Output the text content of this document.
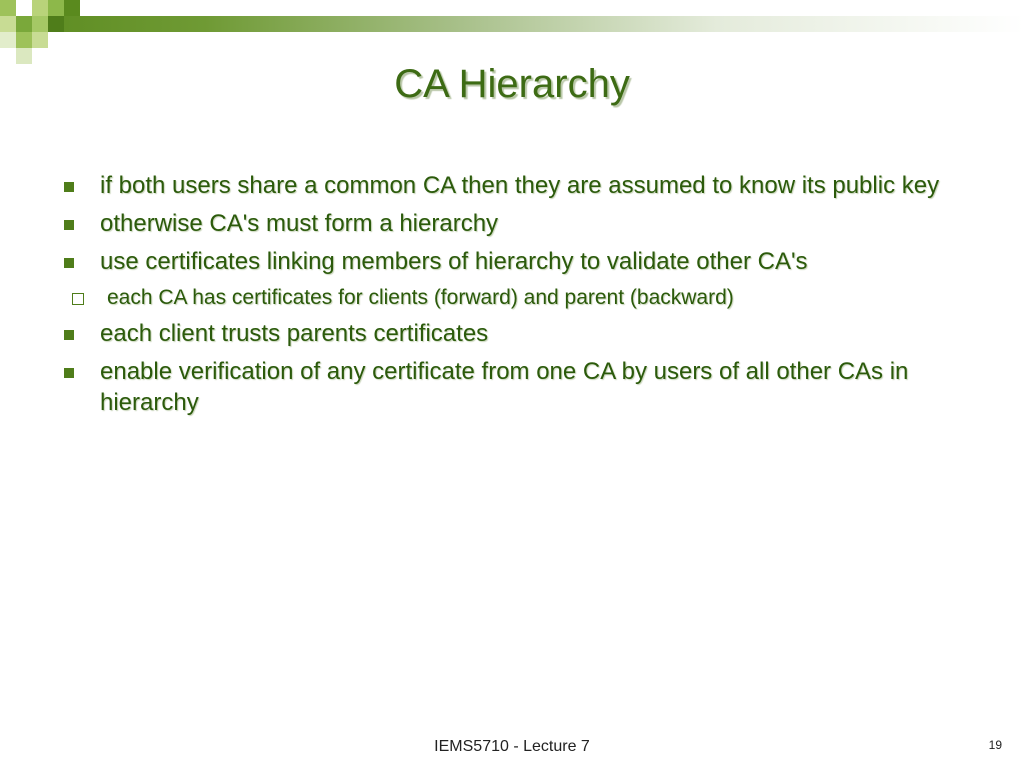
CA Hierarchy
if both users share a common CA then they are assumed to know its public key
otherwise CA's must form a hierarchy
use certificates linking members of hierarchy to validate other CA's
each CA has certificates for clients (forward) and parent (backward)
each client trusts parents certificates
enable verification of any certificate from one CA by users of all other CAs in hierarchy
IEMS5710 - Lecture 7	19
